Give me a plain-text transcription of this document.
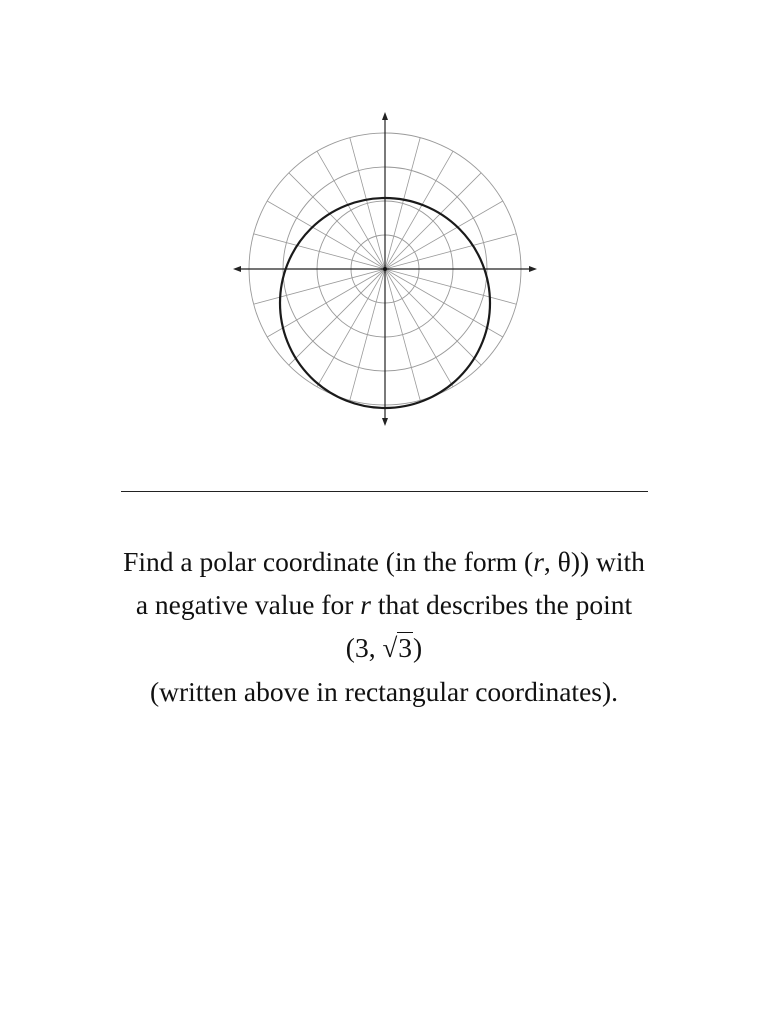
Find a polar coordinate (in the form (r, θ)) with
a negative value for r that describes the point
(3, √3)
(written above in rectangular coordinates).
